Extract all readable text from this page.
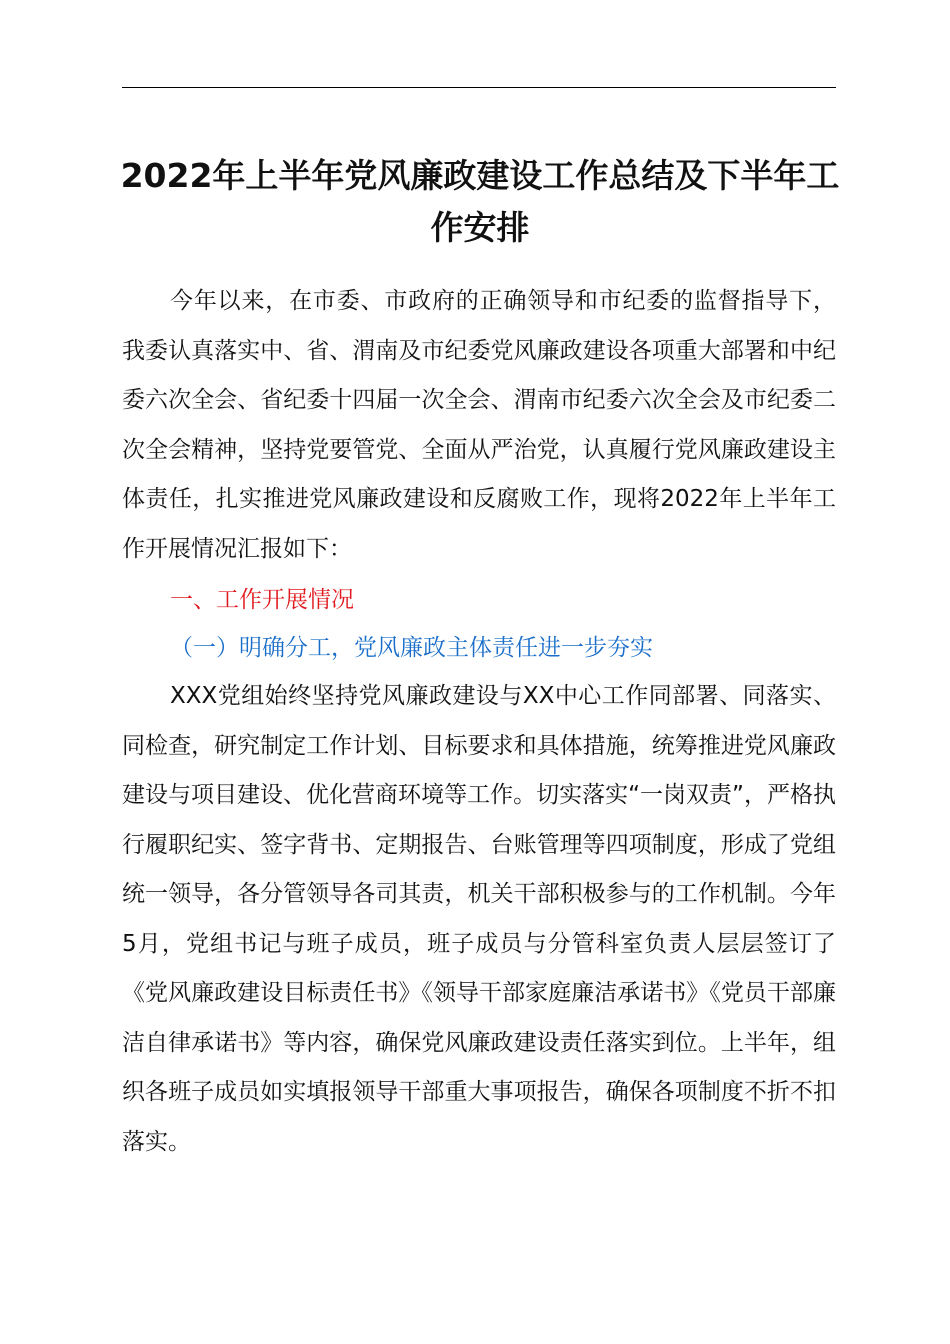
2022年上半年党风廉政建设工作总结及下半年工作安排

今年以来，在市委、市政府的正确领导和市纪委的监督指导下，我委认真落实中、省、渭南及市纪委党风廉政建设各项重大部署和中纪委六次全会、省纪委十四届一次全会、渭南市纪委六次全会及市纪委二次全会精神，坚持党要管党、全面从严治党，认真履行党风廉政建设主体责任，扎实推进党风廉政建设和反腐败工作，现将2022年上半年工作开展情况汇报如下：

一、工作开展情况
（一）明确分工，党风廉政主体责任进一步夯实

XXX党组始终坚持党风廉政建设与XX中心工作同部署、同落实、同检查，研究制定工作计划、目标要求和具体措施，统筹推进党风廉政建设与项目建设、优化营商环境等工作。切实落实“一岗双责”，严格执行履职纪实、签字背书、定期报告、台账管理等四项制度，形成了党组统一领导，各分管领导各司其责，机关干部积极参与的工作机制。今年5月，党组书记与班子成员，班子成员与分管科室负责人层层签订了《党风廉政建设目标责任书》《领导干部家庭廉洁承诺书》《党员干部廉洁自律承诺书》等内容，确保党风廉政建设责任落实到位。上半年，组织各班子成员如实填报领导干部重大事项报告，确保各项制度不折不扣落实。
